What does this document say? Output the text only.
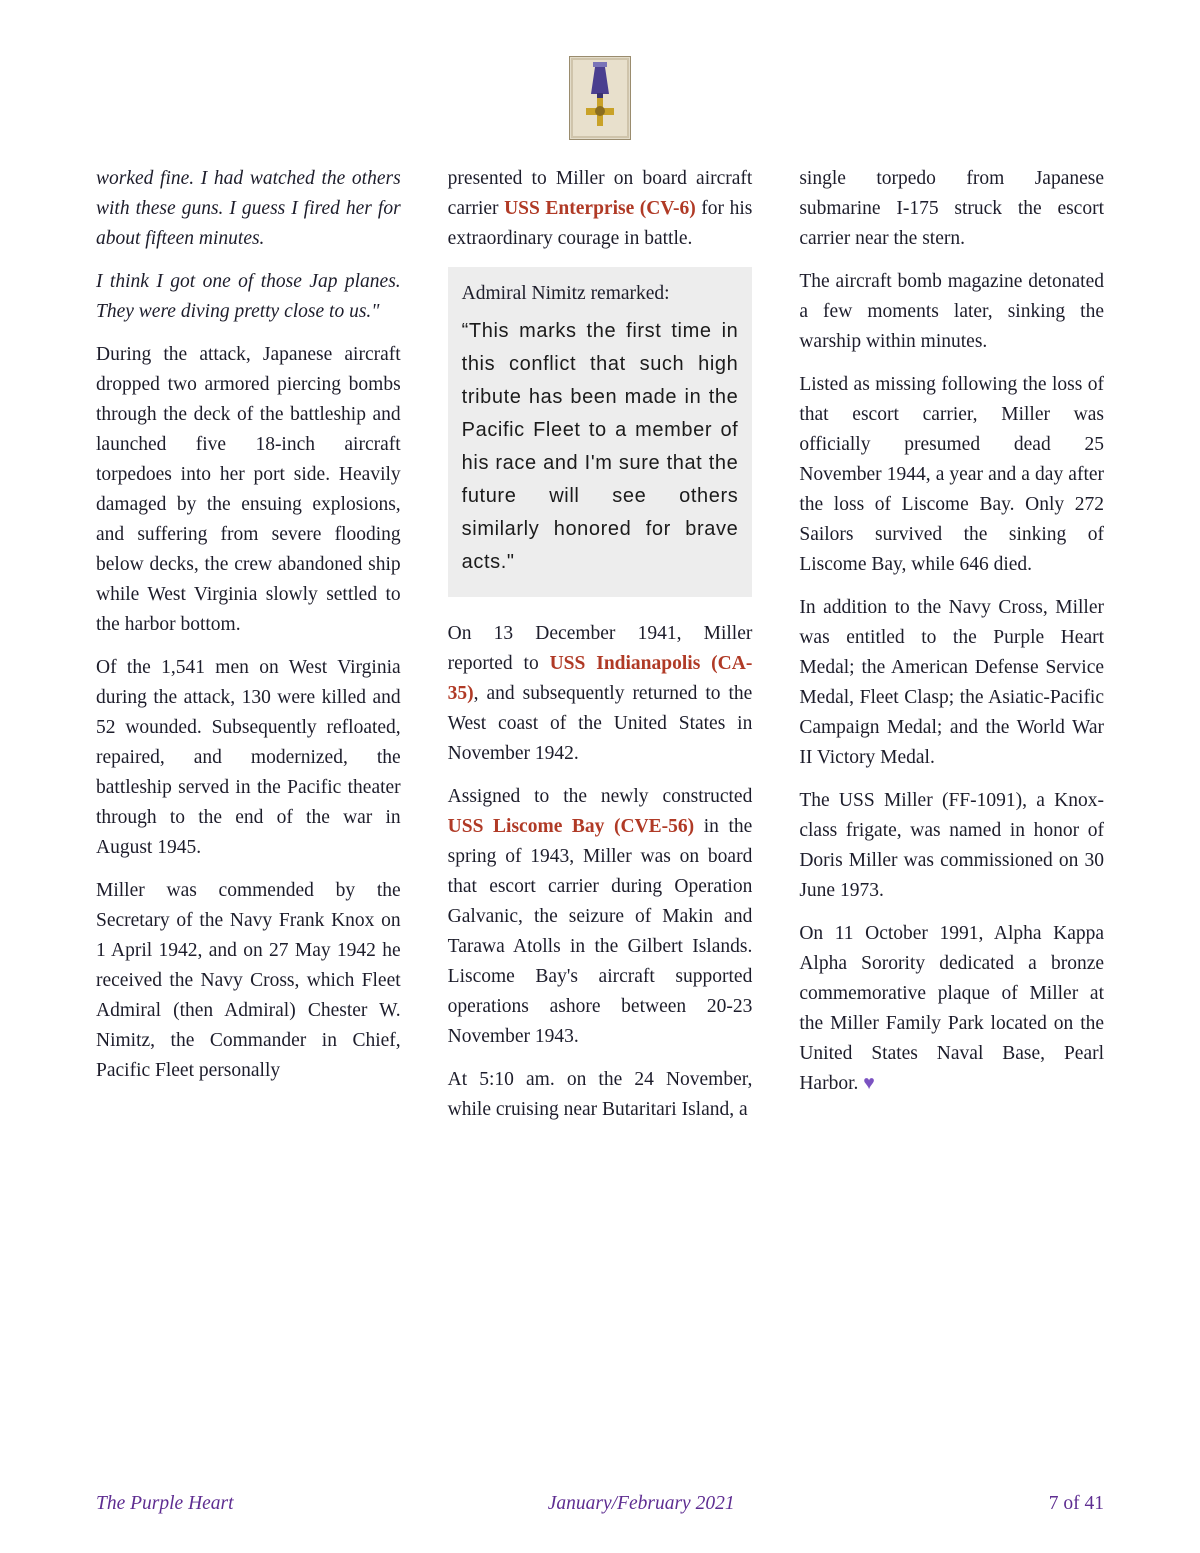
worked fine. I had watched the others with these guns. I guess I fired her for about fifteen minutes.

I think I got one of those Jap planes. They were diving pretty close to us."

During the attack, Japanese aircraft dropped two armored piercing bombs through the deck of the battleship and launched five 18-inch aircraft torpedoes into her port side. Heavily damaged by the ensuing explosions, and suffering from severe flooding below decks, the crew abandoned ship while West Virginia slowly settled to the harbor bottom.

Of the 1,541 men on West Virginia during the attack, 130 were killed and 52 wounded. Subsequently refloated, repaired, and modernized, the battleship served in the Pacific theater through to the end of the war in August 1945.

Miller was commended by the Secretary of the Navy Frank Knox on 1 April 1942, and on 27 May 1942 he received the Navy Cross, which Fleet Admiral (then Admiral) Chester W. Nimitz, the Commander in Chief, Pacific Fleet personally

presented to Miller on board aircraft carrier USS Enterprise (CV-6) for his extraordinary courage in battle.

Admiral Nimitz remarked:
“This marks the first time in this conflict that such high tribute has been made in the Pacific Fleet to a member of his race and I'm sure that the future will see others similarly honored for brave acts."

On 13 December 1941, Miller reported to USS Indianapolis (CA-35), and subsequently returned to the West coast of the United States in November 1942.

Assigned to the newly constructed USS Liscome Bay (CVE-56) in the spring of 1943, Miller was on board that escort carrier during Operation Galvanic, the seizure of Makin and Tarawa Atolls in the Gilbert Islands. Liscome Bay's aircraft supported operations ashore between 20-23 November 1943.

At 5:10 am. on the 24 November, while cruising near Butaritari Island, a

single torpedo from Japanese submarine I-175 struck the escort carrier near the stern.

The aircraft bomb magazine detonated a few moments later, sinking the warship within minutes.

Listed as missing following the loss of that escort carrier, Miller was officially presumed dead 25 November 1944, a year and a day after the loss of Liscome Bay. Only 272 Sailors survived the sinking of Liscome Bay, while 646 died.

In addition to the Navy Cross, Miller was entitled to the Purple Heart Medal; the American Defense Service Medal, Fleet Clasp; the Asiatic-Pacific Campaign Medal; and the World War II Victory Medal.

The USS Miller (FF-1091), a Knox-class frigate, was named in honor of Doris Miller was commissioned on 30 June 1973.

On 11 October 1991, Alpha Kappa Alpha Sorority dedicated a bronze commemorative plaque of Miller at the Miller Family Park located on the United States Naval Base, Pearl Harbor. ♥

The Purple Heart	January/February 2021	7 of 41
